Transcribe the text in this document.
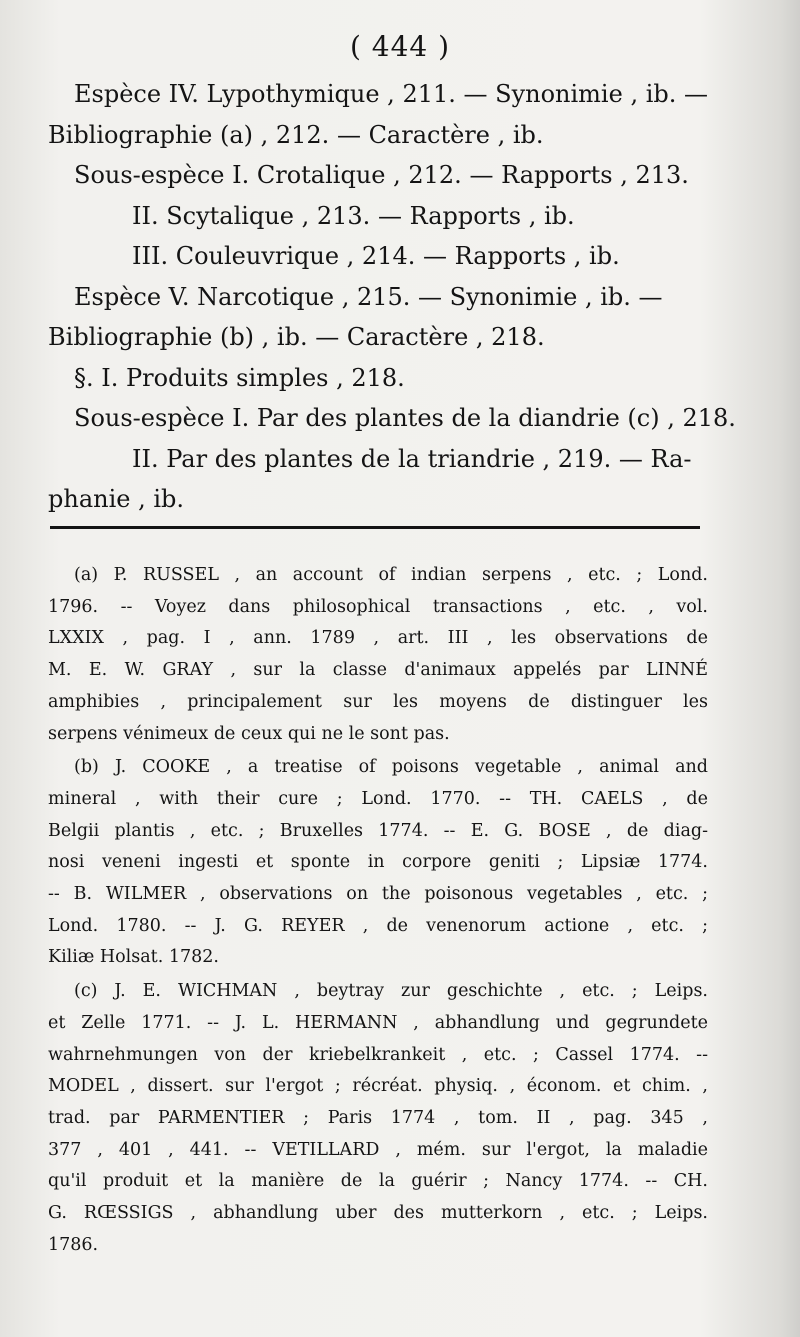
( 444 )
Espèce IV. Lypothymique , 211. — Synonimie , ib. —
Bibliographie (a) , 212. — Caractère , ib.
Sous-espèce I. Crotalique , 212. — Rapports , 213.
II. Scytalique , 213. — Rapports , ib.
III. Couleuvrique , 214. — Rapports , ib.
Espèce V. Narcotique , 215. — Synonimie , ib. —
Bibliographie (b) , ib. — Caractère , 218.
§. I. Produits simples , 218.
Sous-espèce I. Par des plantes de la diandrie (c) , 218.
II. Par des plantes de la triandrie , 219. — Ra-
phanie , ib.
(a) P. RUSSEL , an account of indian serpens , etc. ; Lond.
1796. -- Voyez dans philosophical transactions , etc. , vol.
LXXIX , pag. I , ann. 1789 , art. III , les observations de
M. E. W. GRAY , sur la classe d'animaux appelés par LINNÉ
amphibies , principalement sur les moyens de distinguer les
serpens vénimeux de ceux qui ne le sont pas.
(b) J. COOKE , a treatise of poisons vegetable , animal and
mineral , with their cure ; Lond. 1770. -- TH. CAELS , de
Belgii plantis , etc. ; Bruxelles 1774. -- E. G. BOSE , de diag-
nosi veneni ingesti et sponte in corpore geniti ; Lipsiæ 1774.
-- B. WILMER , observations on the poisonous vegetables , etc. ;
Lond. 1780. -- J. G. REYER , de venenorum actione , etc. ;
Kiliæ Holsat. 1782.
(c) J. E. WICHMAN , beytray zur geschichte , etc. ; Leips.
et Zelle 1771. -- J. L. HERMANN , abhandlung und gegrundete
wahrnehmungen von der kriebelkrankeit , etc. ; Cassel 1774. --
MODEL , dissert. sur l'ergot ; récréat. physiq. , économ. et chim. ,
trad. par PARMENTIER ; Paris 1774 , tom. II , pag. 345 ,
377 , 401 , 441. -- VETILLARD , mém. sur l'ergot, la maladie
qu'il produit et la manière de la guérir ; Nancy 1774. -- CH.
G. RŒSSIGS , abhandlung uber des mutterkorn , etc. ; Leips.
1786.
